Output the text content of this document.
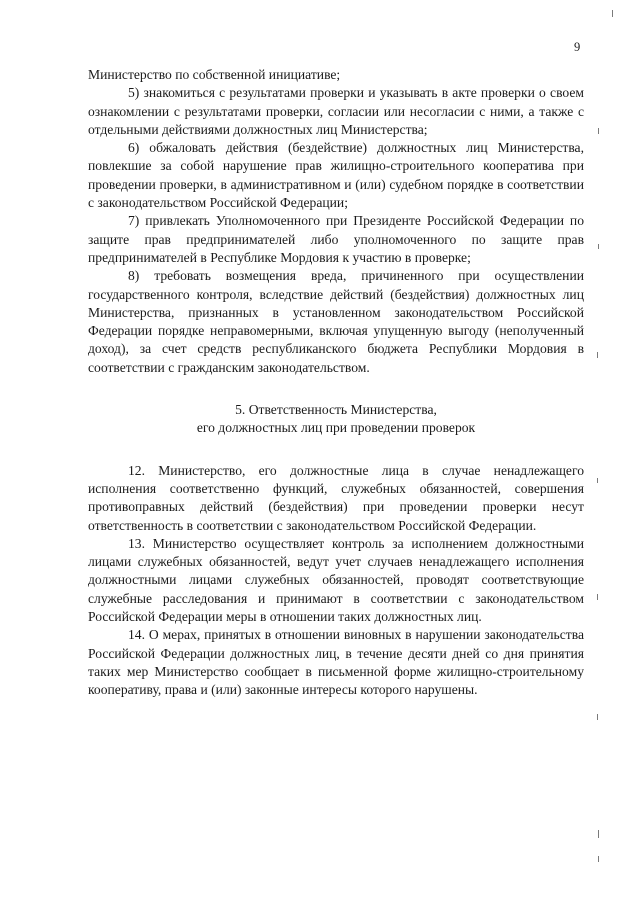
9

Министерство по собственной инициативе;

5) знакомиться с результатами проверки и указывать в акте проверки о своем ознакомлении с результатами проверки, согласии или несогласии с ними, а также с отдельными действиями должностных лиц Министерства;

6) обжаловать действия (бездействие) должностных лиц Министерства, повлекшие за собой нарушение прав жилищно-строительного кооператива при проведении проверки, в административном и (или) судебном порядке в соответствии с законодательством Российской Федерации;

7) привлекать Уполномоченного при Президенте Российской Федерации по защите прав предпринимателей либо уполномоченного по защите прав предпринимателей в Республике Мордовия к участию в проверке;

8) требовать возмещения вреда, причиненного при осуществлении государственного контроля, вследствие действий (бездействия) должностных лиц Министерства, признанных в установленном законодательством Российской Федерации порядке неправомерными, включая упущенную выгоду (неполученный доход), за счет средств республиканского бюджета Республики Мордовия в соответствии с гражданским законодательством.

5. Ответственность Министерства,
его должностных лиц при проведении проверок

12. Министерство, его должностные лица в случае ненадлежащего исполнения соответственно функций, служебных обязанностей, совершения противоправных действий (бездействия) при проведении проверки несут ответственность в соответствии с законодательством Российской Федерации.

13. Министерство осуществляет контроль за исполнением должностными лицами служебных обязанностей, ведут учет случаев ненадлежащего исполнения должностными лицами служебных обязанностей, проводят соответствующие служебные расследования и принимают в соответствии с законодательством Российской Федерации меры в отношении таких должностных лиц.

14. О мерах, принятых в отношении виновных в нарушении законодательства Российской Федерации должностных лиц, в течение десяти дней со дня принятия таких мер Министерство сообщает в письменной форме жилищно-строительному кооперативу, права и (или) законные интересы которого нарушены.
